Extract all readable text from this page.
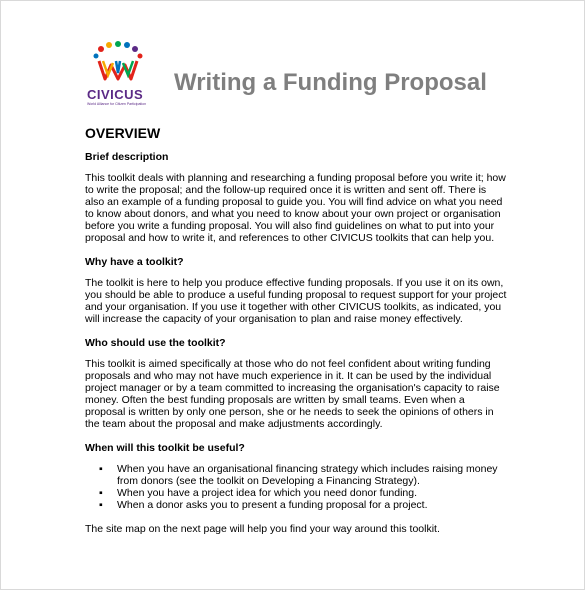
CIVICUS
World Alliance for Citizen Participation
Writing a Funding Proposal
OVERVIEW
Brief description

This toolkit deals with planning and researching a funding proposal before you write it; how to write the proposal; and the follow-up required once it is written and sent off. There is also an example of a funding proposal to guide you. You will find advice on what you need to know about donors, and what you need to know about your own project or organisation before you write a funding proposal. You will also find guidelines on what to put into your proposal and how to write it, and references to other CIVICUS toolkits that can help you.

Why have a toolkit?

The toolkit is here to help you produce effective funding proposals. If you use it on its own, you should be able to produce a useful funding proposal to request support for your project and your organisation. If you use it together with other CIVICUS toolkits, as indicated, you will increase the capacity of your organisation to plan and raise money effectively.

Who should use the toolkit?

This toolkit is aimed specifically at those who do not feel confident about writing funding proposals and who may not have much experience in it. It can be used by the individual project manager or by a team committed to increasing the organisation's capacity to raise money. Often the best funding proposals are written by small teams. Even when a proposal is written by only one person, she or he needs to seek the opinions of others in the team about the proposal and make adjustments accordingly.

When will this toolkit be useful?
▪ When you have an organisational financing strategy which includes raising money from donors (see the toolkit on Developing a Financing Strategy).
▪ When you have a project idea for which you need donor funding.
▪ When a donor asks you to present a funding proposal for a project.

The site map on the next page will help you find your way around this toolkit.
